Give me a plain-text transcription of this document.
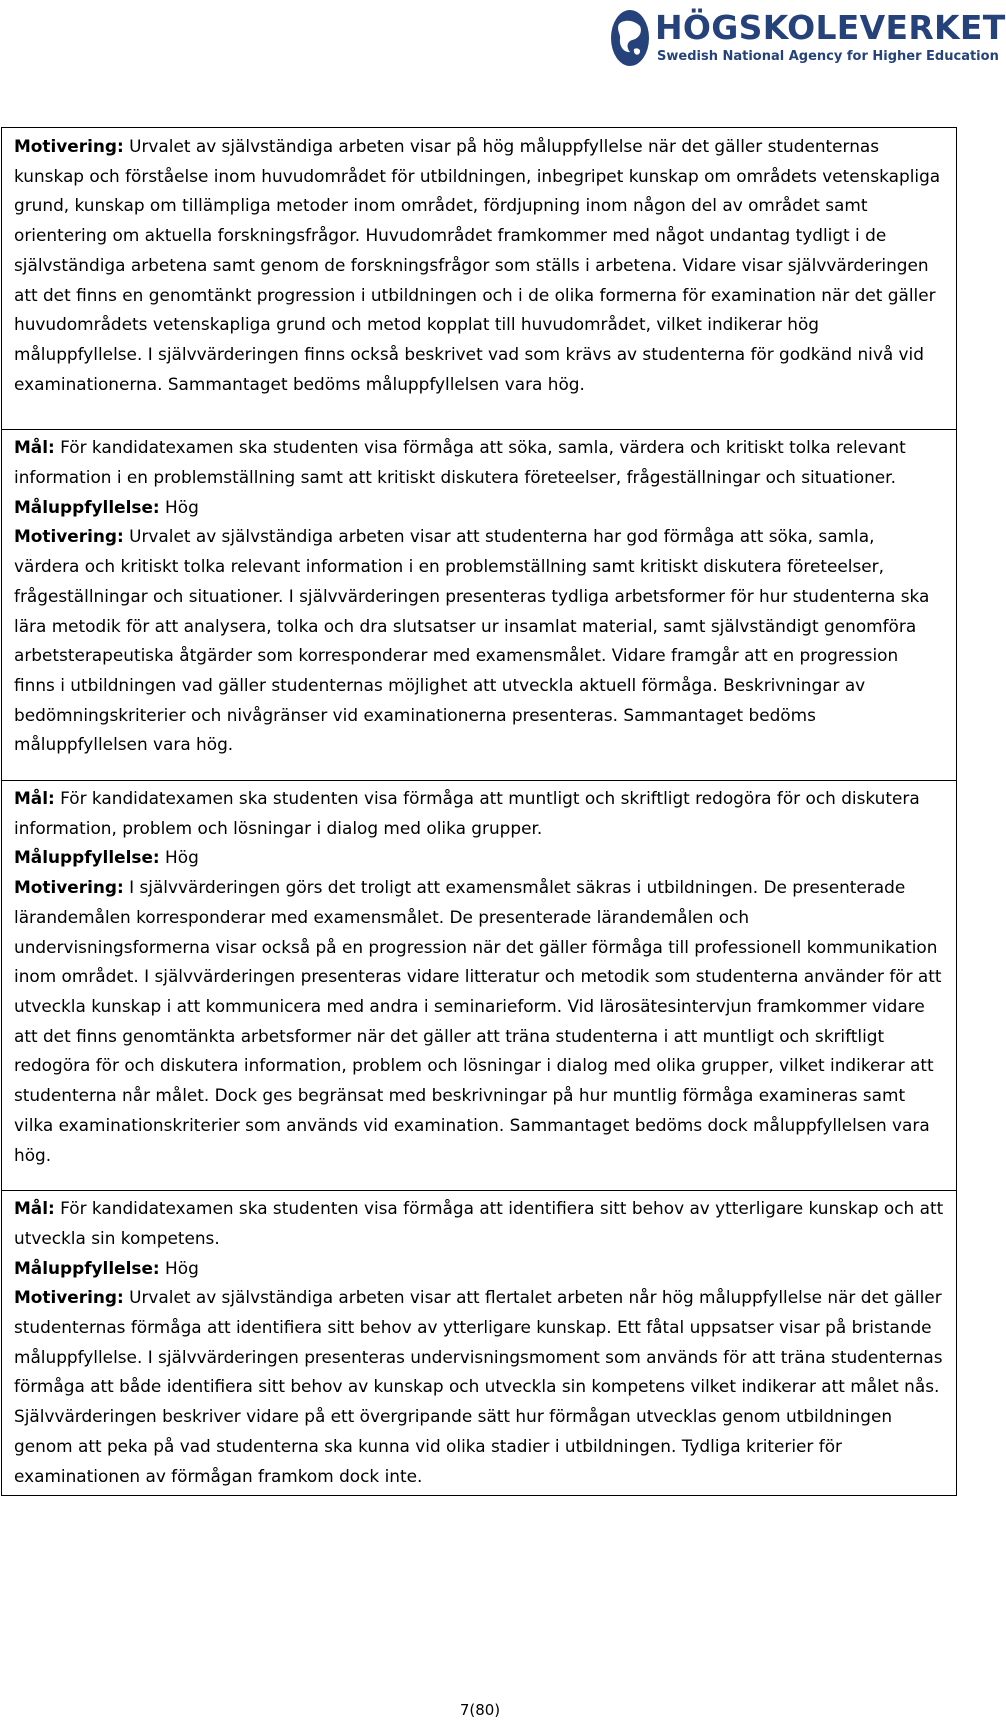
HÖGSKOLEVERKET
Swedish National Agency for Higher Education
Motivering: Urvalet av självständiga arbeten visar på hög måluppfyllelse när det gäller studenternas kunskap och förståelse inom huvudområdet för utbildningen, inbegripet kunskap om områdets vetenskapliga grund, kunskap om tillämpliga metoder inom området, fördjupning inom någon del av området samt orientering om aktuella forskningsfrågor. Huvudområdet framkommer med något undantag tydligt i de självständiga arbetena samt genom de forskningsfrågor som ställs i arbetena. Vidare visar självvärderingen att det finns en genomtänkt progression i utbildningen och i de olika formerna för examination när det gäller huvudområdets vetenskapliga grund och metod kopplat till huvudområdet, vilket indikerar hög måluppfyllelse. I självvärderingen finns också beskrivet vad som krävs av studenterna för godkänd nivå vid examinationerna. Sammantaget bedöms måluppfyllelsen vara hög.

Mål: För kandidatexamen ska studenten visa förmåga att söka, samla, värdera och kritiskt tolka relevant information i en problemställning samt att kritiskt diskutera företeelser, frågeställningar och situationer.
Måluppfyllelse: Hög
Motivering: Urvalet av självständiga arbeten visar att studenterna har god förmåga att söka, samla, värdera och kritiskt tolka relevant information i en problemställning samt kritiskt diskutera företeelser, frågeställningar och situationer. I självvärderingen presenteras tydliga arbetsformer för hur studenterna ska lära metodik för att analysera, tolka och dra slutsatser ur insamlat material, samt självständigt genomföra arbetsterapeutiska åtgärder som korresponderar med examensmålet. Vidare framgår att en progression finns i utbildningen vad gäller studenternas möjlighet att utveckla aktuell förmåga. Beskrivningar av bedömningskriterier och nivågränser vid examinationerna presenteras. Sammantaget bedöms måluppfyllelsen vara hög.

Mål: För kandidatexamen ska studenten visa förmåga att muntligt och skriftligt redogöra för och diskutera information, problem och lösningar i dialog med olika grupper.
Måluppfyllelse: Hög
Motivering: I självvärderingen görs det troligt att examensmålet säkras i utbildningen. De presenterade lärandemålen korresponderar med examensmålet. De presenterade lärandemålen och undervisningsformerna visar också på en progression när det gäller förmåga till professionell kommunikation inom området. I självvärderingen presenteras vidare litteratur och metodik som studenterna använder för att utveckla kunskap i att kommunicera med andra i seminarieform. Vid lärosätesintervjun framkommer vidare att det finns genomtänkta arbetsformer när det gäller att träna studenterna i att muntligt och skriftligt redogöra för och diskutera information, problem och lösningar i dialog med olika grupper, vilket indikerar att studenterna når målet. Dock ges begränsat med beskrivningar på hur muntlig förmåga examineras samt vilka examinationskriterier som används vid examination. Sammantaget bedöms dock måluppfyllelsen vara hög.

Mål: För kandidatexamen ska studenten visa förmåga att identifiera sitt behov av ytterligare kunskap och att utveckla sin kompetens.
Måluppfyllelse: Hög
Motivering: Urvalet av självständiga arbeten visar att flertalet arbeten når hög måluppfyllelse när det gäller studenternas förmåga att identifiera sitt behov av ytterligare kunskap. Ett fåtal uppsatser visar på bristande måluppfyllelse. I självvärderingen presenteras undervisningsmoment som används för att träna studenternas förmåga att både identifiera sitt behov av kunskap och utveckla sin kompetens vilket indikerar att målet nås. Självvärderingen beskriver vidare på ett övergripande sätt hur förmågan utvecklas genom utbildningen genom att peka på vad studenterna ska kunna vid olika stadier i utbildningen. Tydliga kriterier för examinationen av förmågan framkom dock inte.
7(80)
